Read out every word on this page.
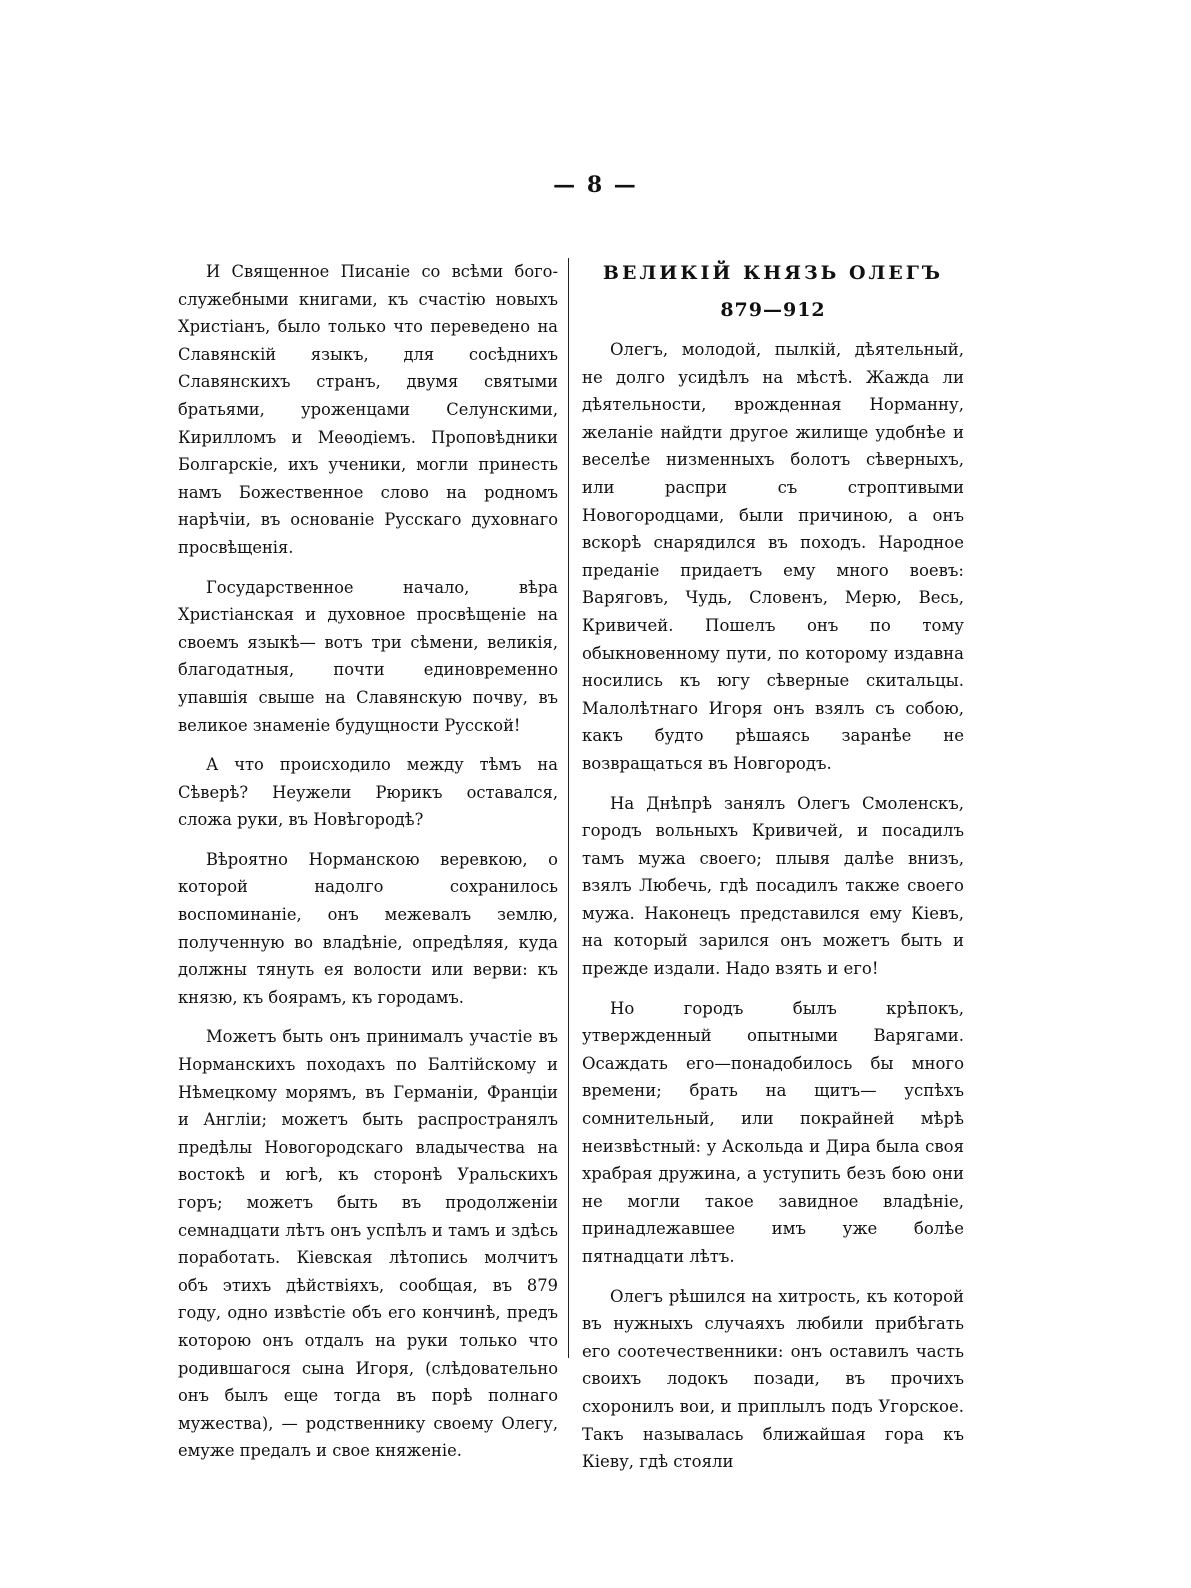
— 8 —

И Священное Писаніе со всѣми бого-служебными книгами, къ счастію новыхъ Христіанъ, было только что переведено на Славянскій языкъ, для сосѣднихъ Славянскихъ странъ, двумя святыми братьями, уроженцами Селунскими, Кирилломъ и Меѳодіемъ. Проповѣдники Болгарскіе, ихъ ученики, могли принесть намъ Божественное слово на родномъ нарѣчіи, въ основаніе Русскаго духовнаго просвѣщенія.

Государственное начало, вѣра Христіанская и духовное просвѣщеніе на своемъ языкѣ— вотъ три сѣмени, великія, благодатныя, почти единовременно упавшія свыше на Славянскую почву, въ великое знаменіе будущности Русской!

А что происходило между тѣмъ на Сѣверѣ? Неужели Рюрикъ оставался, сложа руки, въ Новѣгородѣ?

Вѣроятно Норманскою веревкою, о которой надолго сохранилось воспоминаніе, онъ межевалъ землю, полученную во владѣніе, опредѣляя, куда должны тянуть ея волости или верви: къ князю, къ боярамъ, къ городамъ.

Можетъ быть онъ принималъ участіе въ Норманскихъ походахъ по Балтійскому и Нѣмецкому морямъ, въ Германіи, Франціи и Англіи; можетъ быть распространялъ предѣлы Новогородскаго владычества на востокѣ и югѣ, къ сторонѣ Уральскихъ горъ; можетъ быть въ продолженіи семнадцати лѣтъ онъ успѣлъ и тамъ и здѣсь поработать. Кіевская лѣтопись молчитъ объ этихъ дѣйствіяхъ, сообщая, въ 879 году, одно извѣстіе объ его кончинѣ, предъ которою онъ отдалъ на руки только что родившагося сына Игоря, (слѣдовательно онъ былъ еще тогда въ порѣ полнаго мужества), — родственнику своему Олегу, емуже предалъ и свое княженіе.

ВЕЛИКІЙ КНЯЗЬ ОЛЕГЪ
879—912

Олегъ, молодой, пылкій, дѣятельный, не долго усидѣлъ на мѣстѣ. Жажда ли дѣятельности, врожденная Норманну, желаніе найдти другое жилище удобнѣе и веселѣе низменныхъ болотъ сѣверныхъ, или распри съ строптивыми Новогородцами, были причиною, а онъ вскорѣ снарядился въ походъ. Народное преданіе придаетъ ему много воевъ: Варяговъ, Чудь, Словенъ, Мерю, Весь, Кривичей. Пошелъ онъ по тому обыкновенному пути, по которому издавна носились къ югу сѣверные скитальцы. Малолѣтнаго Игоря онъ взялъ съ собою, какъ будто рѣшаясь заранѣе не возвращаться въ Новгородъ.

На Днѣпрѣ занялъ Олегъ Смоленскъ, городъ вольныхъ Кривичей, и посадилъ тамъ мужа своего; плывя далѣе внизъ, взялъ Любечь, гдѣ посадилъ также своего мужа. Наконецъ представился ему Кіевъ, на который зарился онъ можетъ быть и прежде издали. Надо взять и его!

Но городъ былъ крѣпокъ, утвержденный опытными Варягами. Осаждать его—понадобилось бы много времени; брать на щитъ— успѣхъ сомнительный, или покрайней мѣрѣ неизвѣстный: у Аскольда и Дира была своя храбрая дружина, а уступить безъ бою они не могли такое завидное владѣніе, принадлежавшее имъ уже болѣе пятнадцати лѣтъ.

Олегъ рѣшился на хитрость, къ которой въ нужныхъ случаяхъ любили прибѣгать его соотечественники: онъ оставилъ часть своихъ лодокъ позади, въ прочихъ схоронилъ вои, и приплылъ подъ Угорское. Такъ называлась ближайшая гора къ Кіеву, гдѣ стояли
